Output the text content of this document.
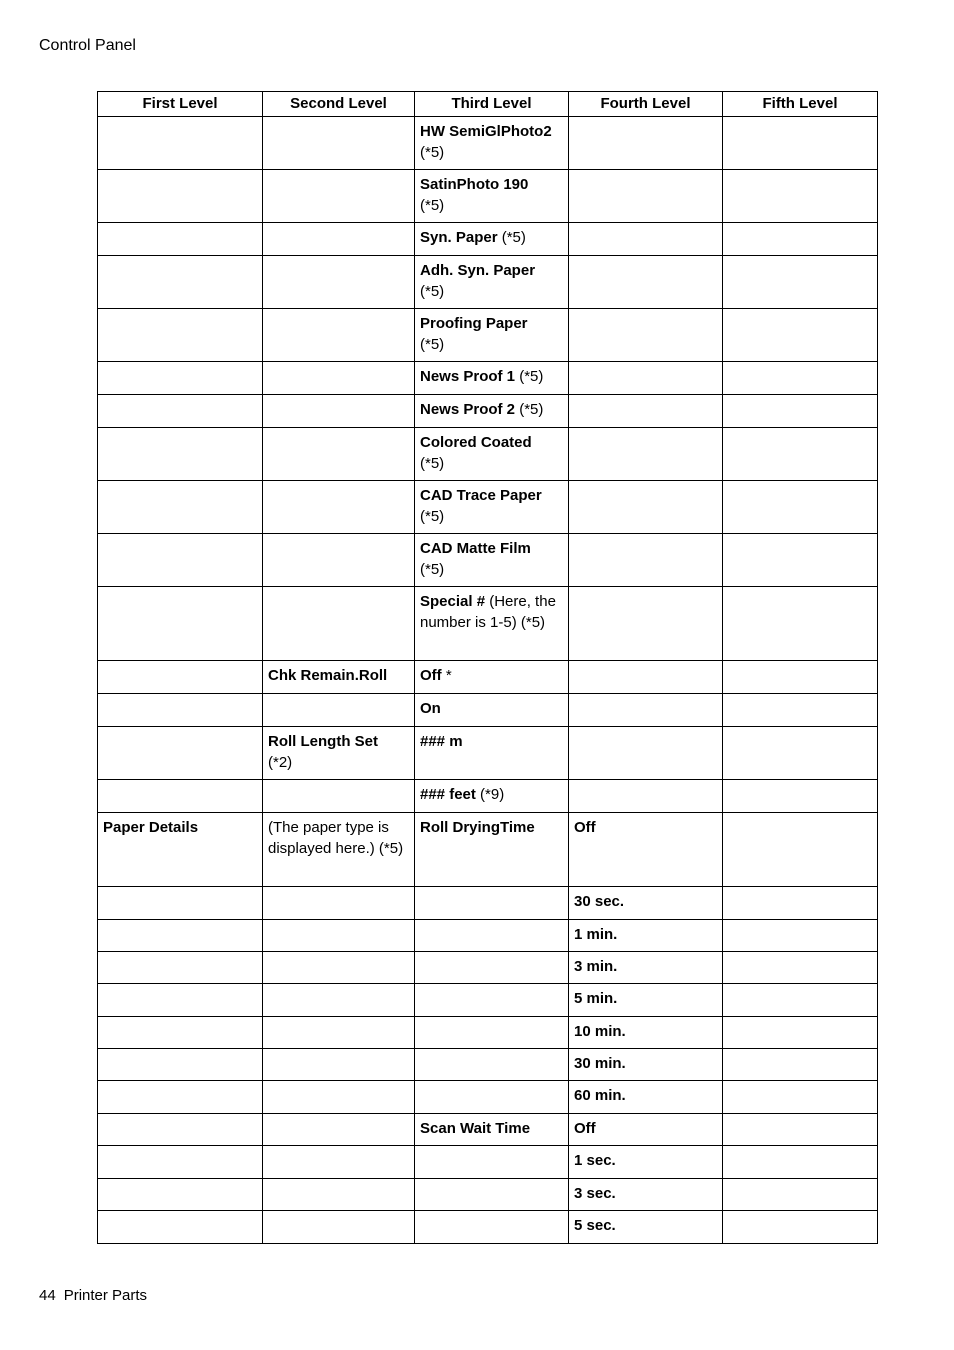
Control Panel
First Level	Second Level	Third Level	Fourth Level	Fifth Level
		HW SemiGlPhoto2
(*5)		
		SatinPhoto 190
(*5)		
		Syn. Paper (*5)		
		Adh. Syn. Paper
(*5)		
		Proofing Paper
(*5)		
		News Proof 1 (*5)		
		News Proof 2 (*5)		
		Colored Coated
(*5)		
		CAD Trace Paper
(*5)		
		CAD Matte Film
(*5)		
		Special # (Here, the number is 1-5) (*5)		
	Chk Remain.Roll	Off *		
		On		
	Roll Length Set
(*2)	### m		
		### feet (*9)		
Paper Details	(The paper type is displayed here.) (*5)	Roll DryingTime	Off	
			30 sec.	
			1 min.	
			3 min.	
			5 min.	
			10 min.	
			30 min.	
			60 min.	
		Scan Wait Time	Off	
			1 sec.	
			3 sec.	
			5 sec.	
44 Printer Parts
